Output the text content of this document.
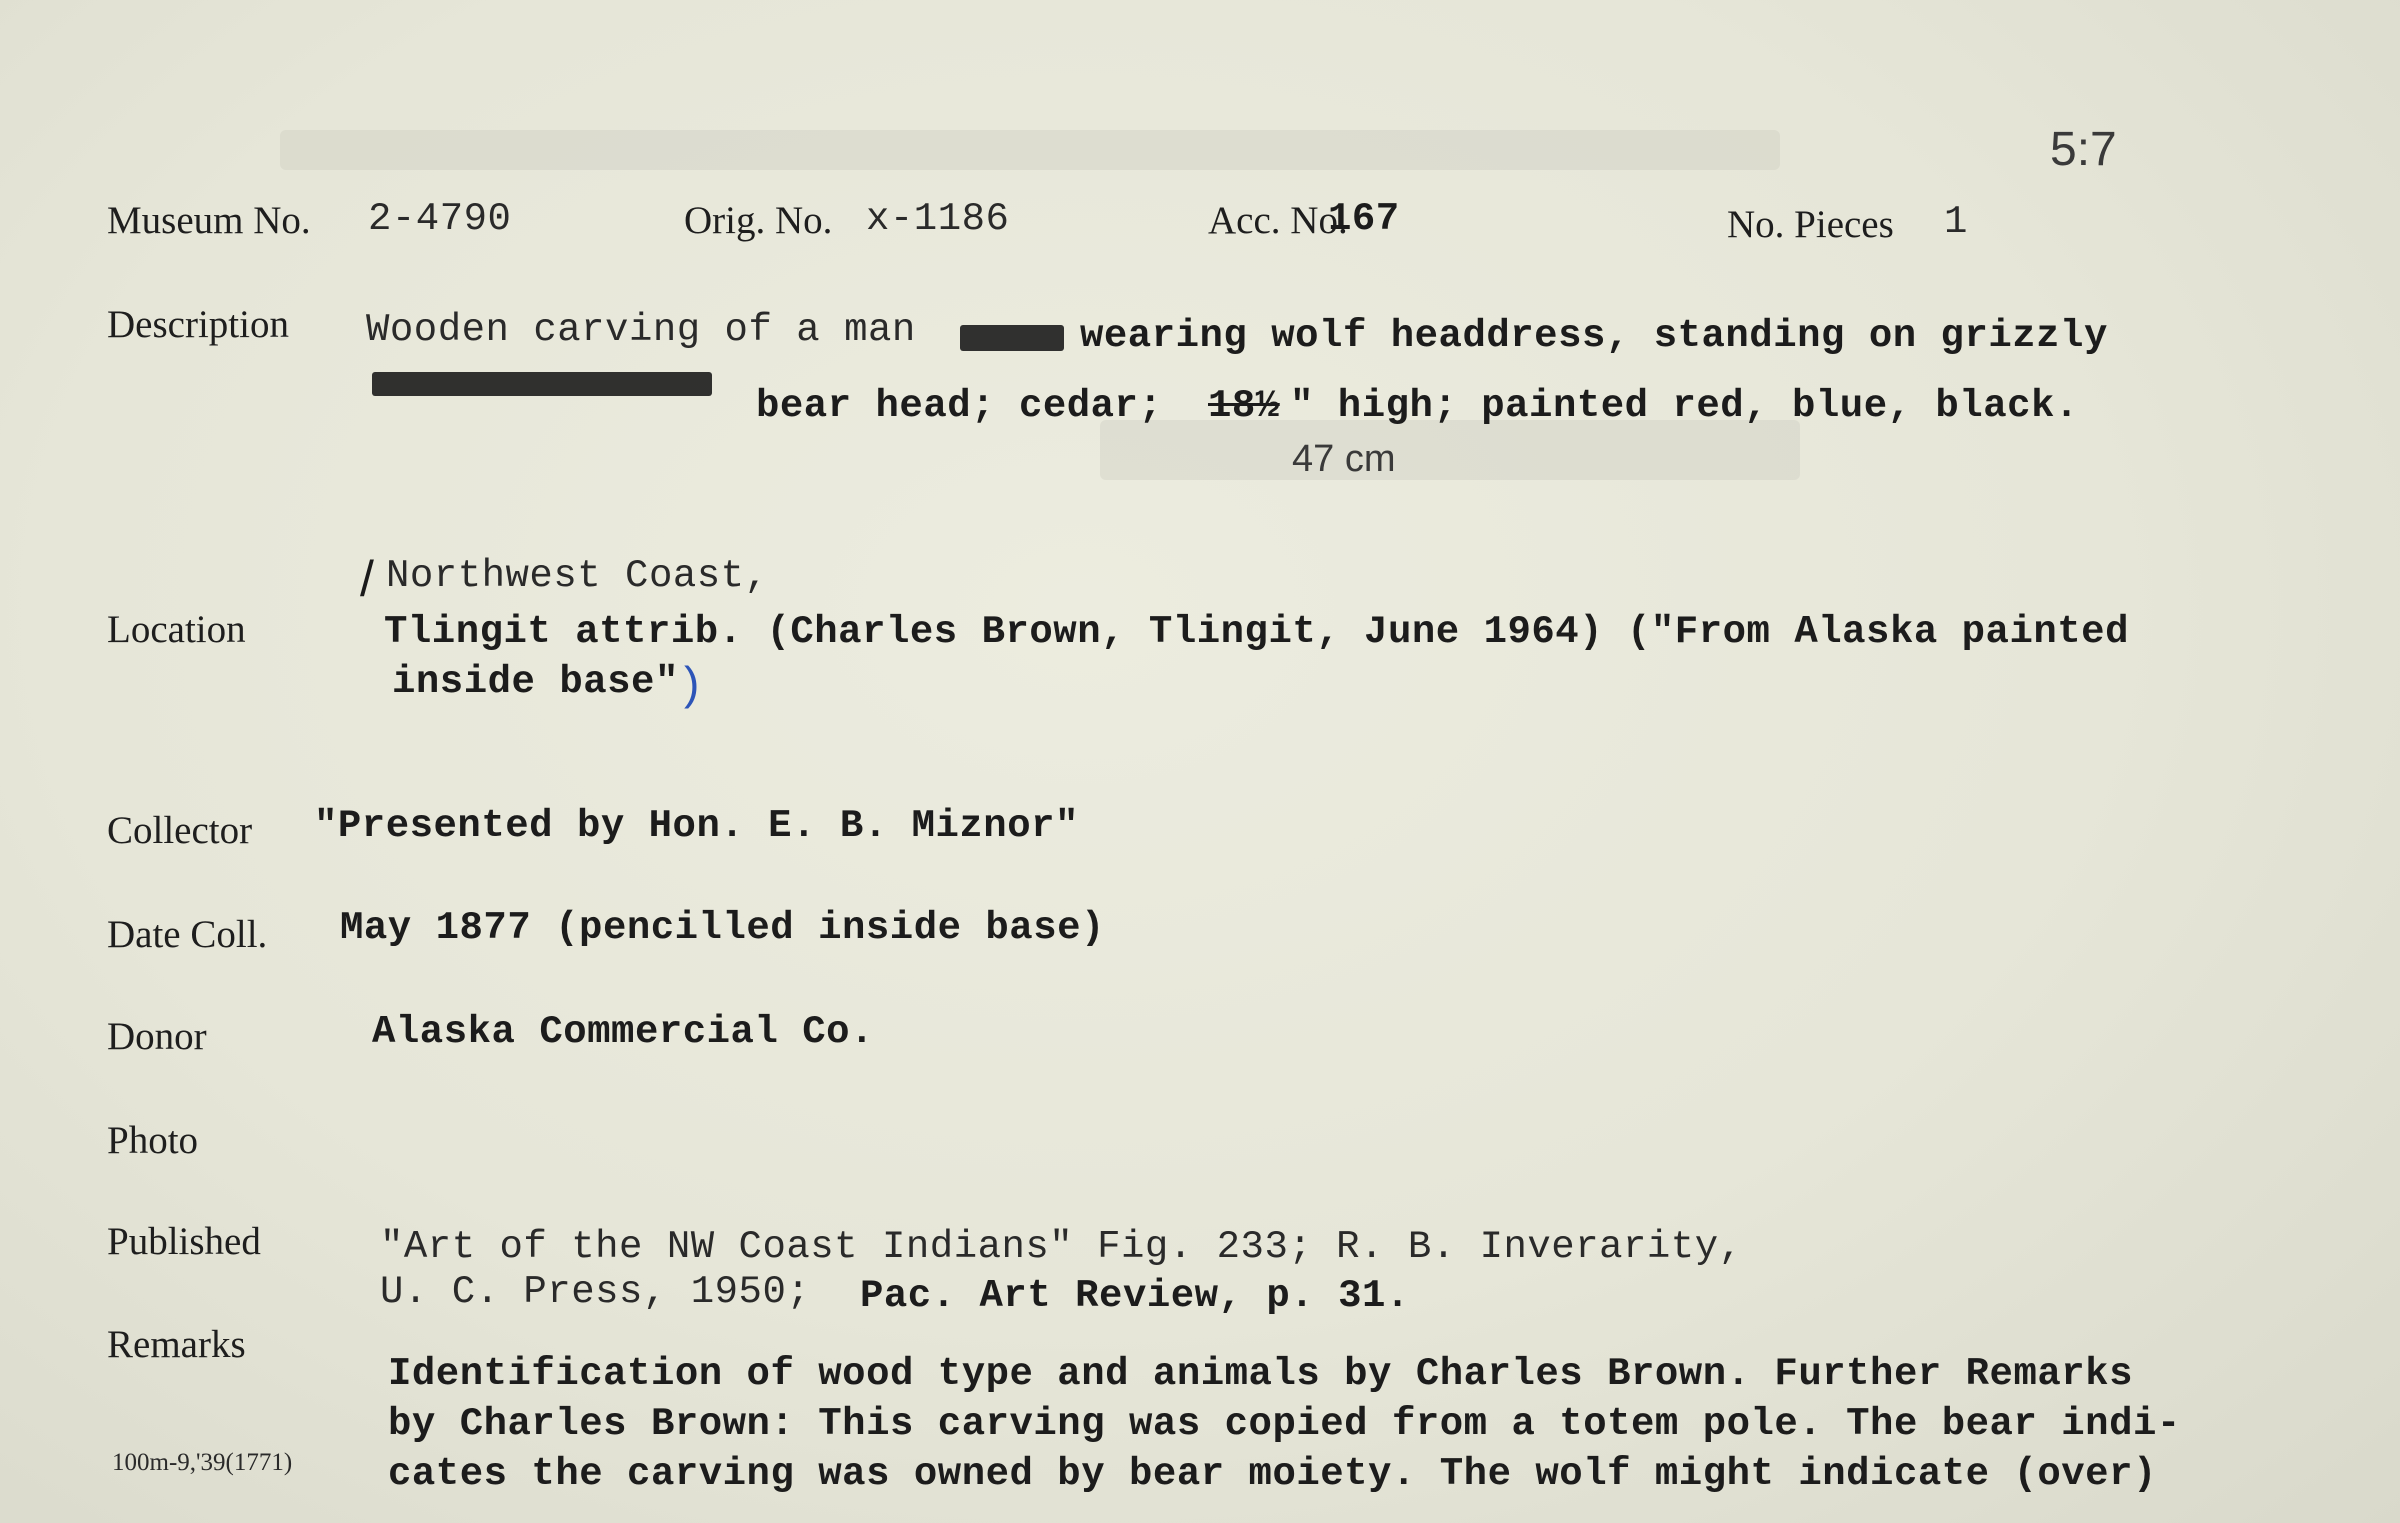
5:7
Museum No. 2-4790	Orig. No. x-1186	Acc. No.
167	No. Pieces 1
Description Wooden carving of a man	wearing wolf headdress, standing on grizzly
bear head; cedar; 18½ " high; painted red, blue, black.
47 cm
Northwest Coast,
/
Location	Tlingit attrib. (Charles Brown, Tlingit, June 1964) ("From Alaska painted
inside base" )
Collector "Presented by Hon. E. B. Miznor"
Date Coll. May 1877 (pencilled inside base)
Donor	Alaska Commercial Co.
Photo
Published	"Art of the NW Coast Indians" Fig. 233; R. B. Inverarity,
U. C. Press, 1950; Pac. Art Review, p. 31.
Remarks
Identification of wood type and animals by Charles Brown. Further Remarks
by Charles Brown: This carving was copied from a totem pole. The bear indi-
cates the carving was owned by bear moiety. The wolf might indicate (over)
100m-9,'39(1771)
